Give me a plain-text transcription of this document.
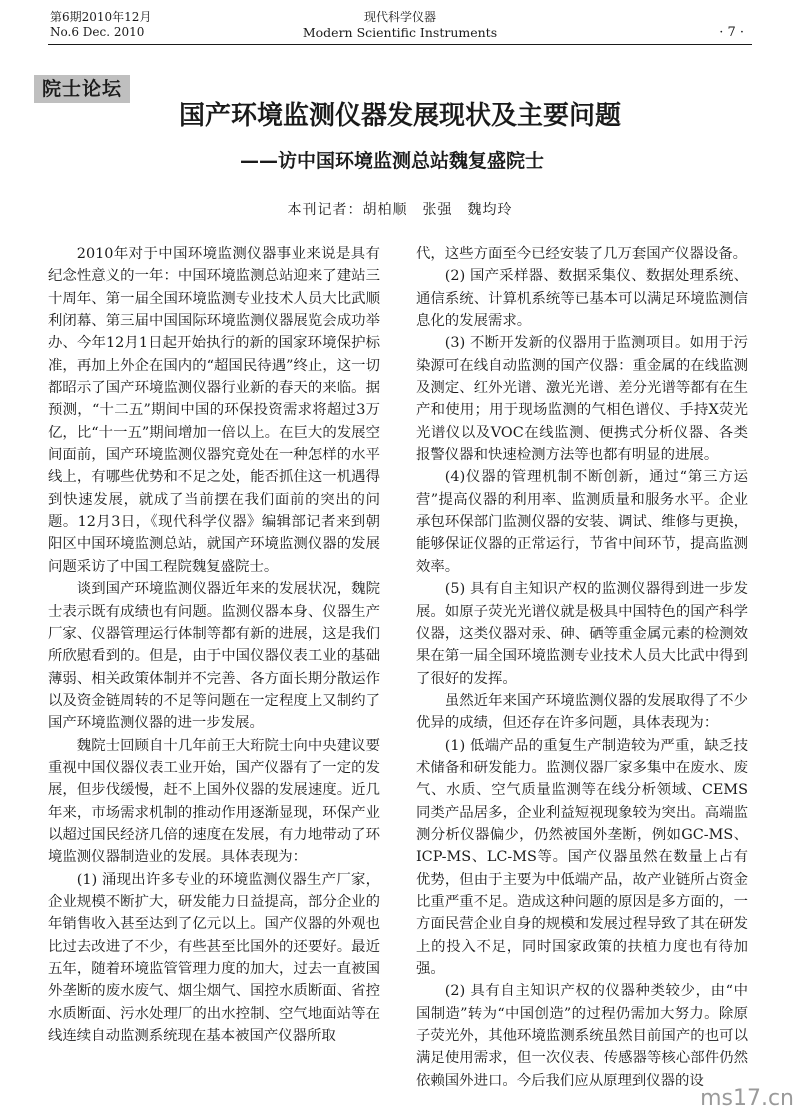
第6期2010年12月
No.6 Dec. 2010
现代科学仪器
Modern Scientific Instruments	· 7 ·
院士论坛
国产环境监测仪器发展现状及主要问题
——访中国环境监测总站魏复盛院士
本刊记者：胡柏顺　张强　魏均玲

2010年对于中国环境监测仪器事业来说是具有纪念性意义的一年：中国环境监测总站迎来了建站三十周年、第一届全国环境监测专业技术人员大比武顺利闭幕、第三届中国国际环境监测仪器展览会成功举办、今年12月1日起开始执行的新的国家环境保护标准，再加上外企在国内的“超国民待遇”终止，这一切都昭示了国产环境监测仪器行业新的春天的来临。据预测，“十二五”期间中国的环保投资需求将超过3万亿，比“十一五”期间增加一倍以上。在巨大的发展空间面前，国产环境监测仪器究竟处在一种怎样的水平线上，有哪些优势和不足之处，能否抓住这一机遇得到快速发展，就成了当前摆在我们面前的突出的问题。12月3日，《现代科学仪器》编辑部记者来到朝阳区中国环境监测总站，就国产环境监测仪器的发展问题采访了中国工程院魏复盛院士。

谈到国产环境监测仪器近年来的发展状况，魏院士表示既有成绩也有问题。监测仪器本身、仪器生产厂家、仪器管理运行体制等都有新的进展，这是我们所欣慰看到的。但是，由于中国仪器仪表工业的基础薄弱、相关政策体制并不完善、各方面长期分散运作以及资金链周转的不足等问题在一定程度上又制约了国产环境监测仪器的进一步发展。

魏院士回顾自十几年前王大珩院士向中央建议要重视中国仪器仪表工业开始，国产仪器有了一定的发展，但步伐缓慢，赶不上国外仪器的发展速度。近几年来，市场需求机制的推动作用逐渐显现，环保产业以超过国民经济几倍的速度在发展，有力地带动了环境监测仪器制造业的发展。具体表现为：

(1) 涌现出许多专业的环境监测仪器生产厂家，企业规模不断扩大，研发能力日益提高，部分企业的年销售收入甚至达到了亿元以上。国产仪器的外观也比过去改进了不少，有些甚至比国外的还要好。最近五年，随着环境监管管理力度的加大，过去一直被国外垄断的废水废气、烟尘烟气、国控水质断面、省控水质断面、污水处理厂的出水控制、空气地面站等在线连续自动监测系统现在基本被国产仪器所取

代，这些方面至今已经安装了几万套国产仪器设备。

(2) 国产采样器、数据采集仪、数据处理系统、通信系统、计算机系统等已基本可以满足环境监测信息化的发展需求。

(3) 不断开发新的仪器用于监测项目。如用于污染源可在线自动监测的国产仪器：重金属的在线监测及测定、红外光谱、激光光谱、差分光谱等都有在生产和使用；用于现场监测的气相色谱仪、手持X荧光光谱仪以及VOC在线监测、便携式分析仪器、各类报警仪器和快速检测方法等也都有明显的进展。

(4)仪器的管理机制不断创新，通过“第三方运营”提高仪器的利用率、监测质量和服务水平。企业承包环保部门监测仪器的安装、调试、维修与更换，能够保证仪器的正常运行，节省中间环节，提高监测效率。

(5) 具有自主知识产权的监测仪器得到进一步发展。如原子荧光光谱仪就是极具中国特色的国产科学仪器，这类仪器对汞、砷、硒等重金属元素的检测效果在第一届全国环境监测专业技术人员大比武中得到了很好的发挥。

虽然近年来国产环境监测仪器的发展取得了不少优异的成绩，但还存在许多问题，具体表现为：

(1) 低端产品的重复生产制造较为严重，缺乏技术储备和研发能力。监测仪器厂家多集中在废水、废气、水质、空气质量监测等在线分析领域、CEMS同类产品居多，企业利益短视现象较为突出。高端监测分析仪器偏少，仍然被国外垄断，例如GC-MS、ICP-MS、LC-MS等。国产仪器虽然在数量上占有优势，但由于主要为中低端产品，故产业链所占资金比重严重不足。造成这种问题的原因是多方面的，一方面民营企业自身的规模和发展过程导致了其在研发上的投入不足，同时国家政策的扶植力度也有待加强。

(2) 具有自主知识产权的仪器种类较少，由“中国制造”转为“中国创造”的过程仍需加大努力。除原子荧光外，其他环境监测系统虽然目前国产的也可以满足使用需求，但一次仪表、传感器等核心部件仍然依赖国外进口。今后我们应从原理到仪器的设

ms17.cn
